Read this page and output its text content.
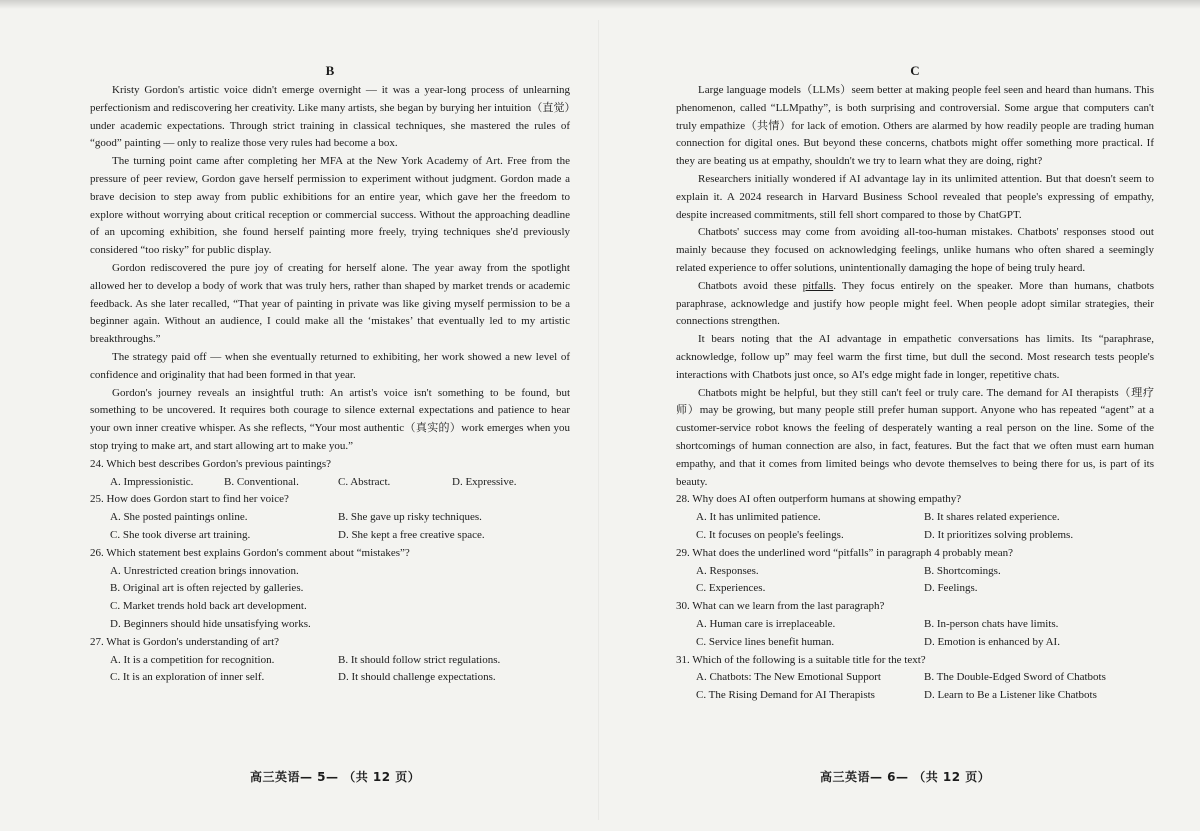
B

Kristy Gordon's artistic voice didn't emerge overnight — it was a year-long process of unlearning perfectionism and rediscovering her creativity. Like many artists, she began by burying her intuition（直觉）under academic expectations. Through strict training in classical techniques, she mastered the rules of “good” painting — only to realize those very rules had become a box.

The turning point came after completing her MFA at the New York Academy of Art. Free from the pressure of peer review, Gordon gave herself permission to experiment without judgment. Gordon made a brave decision to step away from public exhibitions for an entire year, which gave her the freedom to explore without worrying about critical reception or commercial success. Without the approaching deadline of an upcoming exhibition, she found herself painting more freely, trying techniques she'd previously considered “too risky” for public display.

Gordon rediscovered the pure joy of creating for herself alone. The year away from the spotlight allowed her to develop a body of work that was truly hers, rather than shaped by market trends or academic feedback. As she later recalled, “That year of painting in private was like giving myself permission to be a beginner again. Without an audience, I could make all the ‘mistakes’ that eventually led to my artistic breakthroughs.”

The strategy paid off — when she eventually returned to exhibiting, her work showed a new level of confidence and originality that had been formed in that year.

Gordon's journey reveals an insightful truth: An artist's voice isn't something to be found, but something to be uncovered. It requires both courage to silence external expectations and patience to hear your own inner creative whisper. As she reflects, “Your most authentic（真实的）work emerges when you stop trying to make art, and start allowing art to make you.”

24. Which best describes Gordon's previous paintings?

A. Impressionistic.	B. Conventional.	C. Abstract.	D. Expressive.

25. How does Gordon start to find her voice?

A. She posted paintings online.	B. She gave up risky techniques.
C. She took diverse art training.	D. She kept a free creative space.

26. Which statement best explains Gordon's comment about “mistakes”?

A. Unrestricted creation brings innovation.
B. Original art is often rejected by galleries.
C. Market trends hold back art development.
D. Beginners should hide unsatisfying works.

27. What is Gordon's understanding of art?

A. It is a competition for recognition.	B. It should follow strict regulations.
C. It is an exploration of inner self.	D. It should challenge expectations.
高三英语— 5— （共 12 页）
C

Large language models（LLMs）seem better at making people feel seen and heard than humans. This phenomenon, called “LLMpathy”, is both surprising and controversial. Some argue that computers can't truly empathize（共情）for lack of emotion. Others are alarmed by how readily people are trading human connection for digital ones. But beyond these concerns, chatbots might offer something more practical. If they are beating us at empathy, shouldn't we try to learn what they are doing, right?

Researchers initially wondered if AI advantage lay in its unlimited attention. But that doesn't seem to explain it. A 2024 research in Harvard Business School revealed that people's expressing of empathy, despite increased commitments, still fell short compared to those by ChatGPT.

Chatbots' success may come from avoiding all-too-human mistakes. Chatbots' responses stood out mainly because they focused on acknowledging feelings, unlike humans who often shared a seemingly related experience to offer solutions, unintentionally damaging the hope of being truly heard.

Chatbots avoid these pitfalls. They focus entirely on the speaker. More than humans, chatbots paraphrase, acknowledge and justify how people might feel. When people adopt similar strategies, their connections strengthen.

It bears noting that the AI advantage in empathetic conversations has limits. Its “paraphrase, acknowledge, follow up” may feel warm the first time, but dull the second. Most research tests people's interactions with Chatbots just once, so AI's edge might fade in longer, repetitive chats.

Chatbots might be helpful, but they still can't feel or truly care. The demand for AI therapists（理疗师）may be growing, but many people still prefer human support. Anyone who has repeated “agent” at a customer-service robot knows the feeling of desperately wanting a real person on the line. Some of the shortcomings of human connection are also, in fact, features. But the fact that we often must earn human empathy, and that it comes from limited beings who devote themselves to being there for us, is part of its beauty.

28. Why does AI often outperform humans at showing empathy?

A. It has unlimited patience.	B. It shares related experience.
C. It focuses on people's feelings.	D. It prioritizes solving problems.

29. What does the underlined word “pitfalls” in paragraph 4 probably mean?

A. Responses.	B. Shortcomings.
C. Experiences.	D. Feelings.

30. What can we learn from the last paragraph?

A. Human care is irreplaceable.	B. In-person chats have limits.
C. Service lines benefit human.	D. Emotion is enhanced by AI.

31. Which of the following is a suitable title for the text?

A. Chatbots: The New Emotional Support	B. The Double-Edged Sword of Chatbots
C. The Rising Demand for AI Therapists	D. Learn to Be a Listener like Chatbots
高三英语— 6— （共 12 页）
